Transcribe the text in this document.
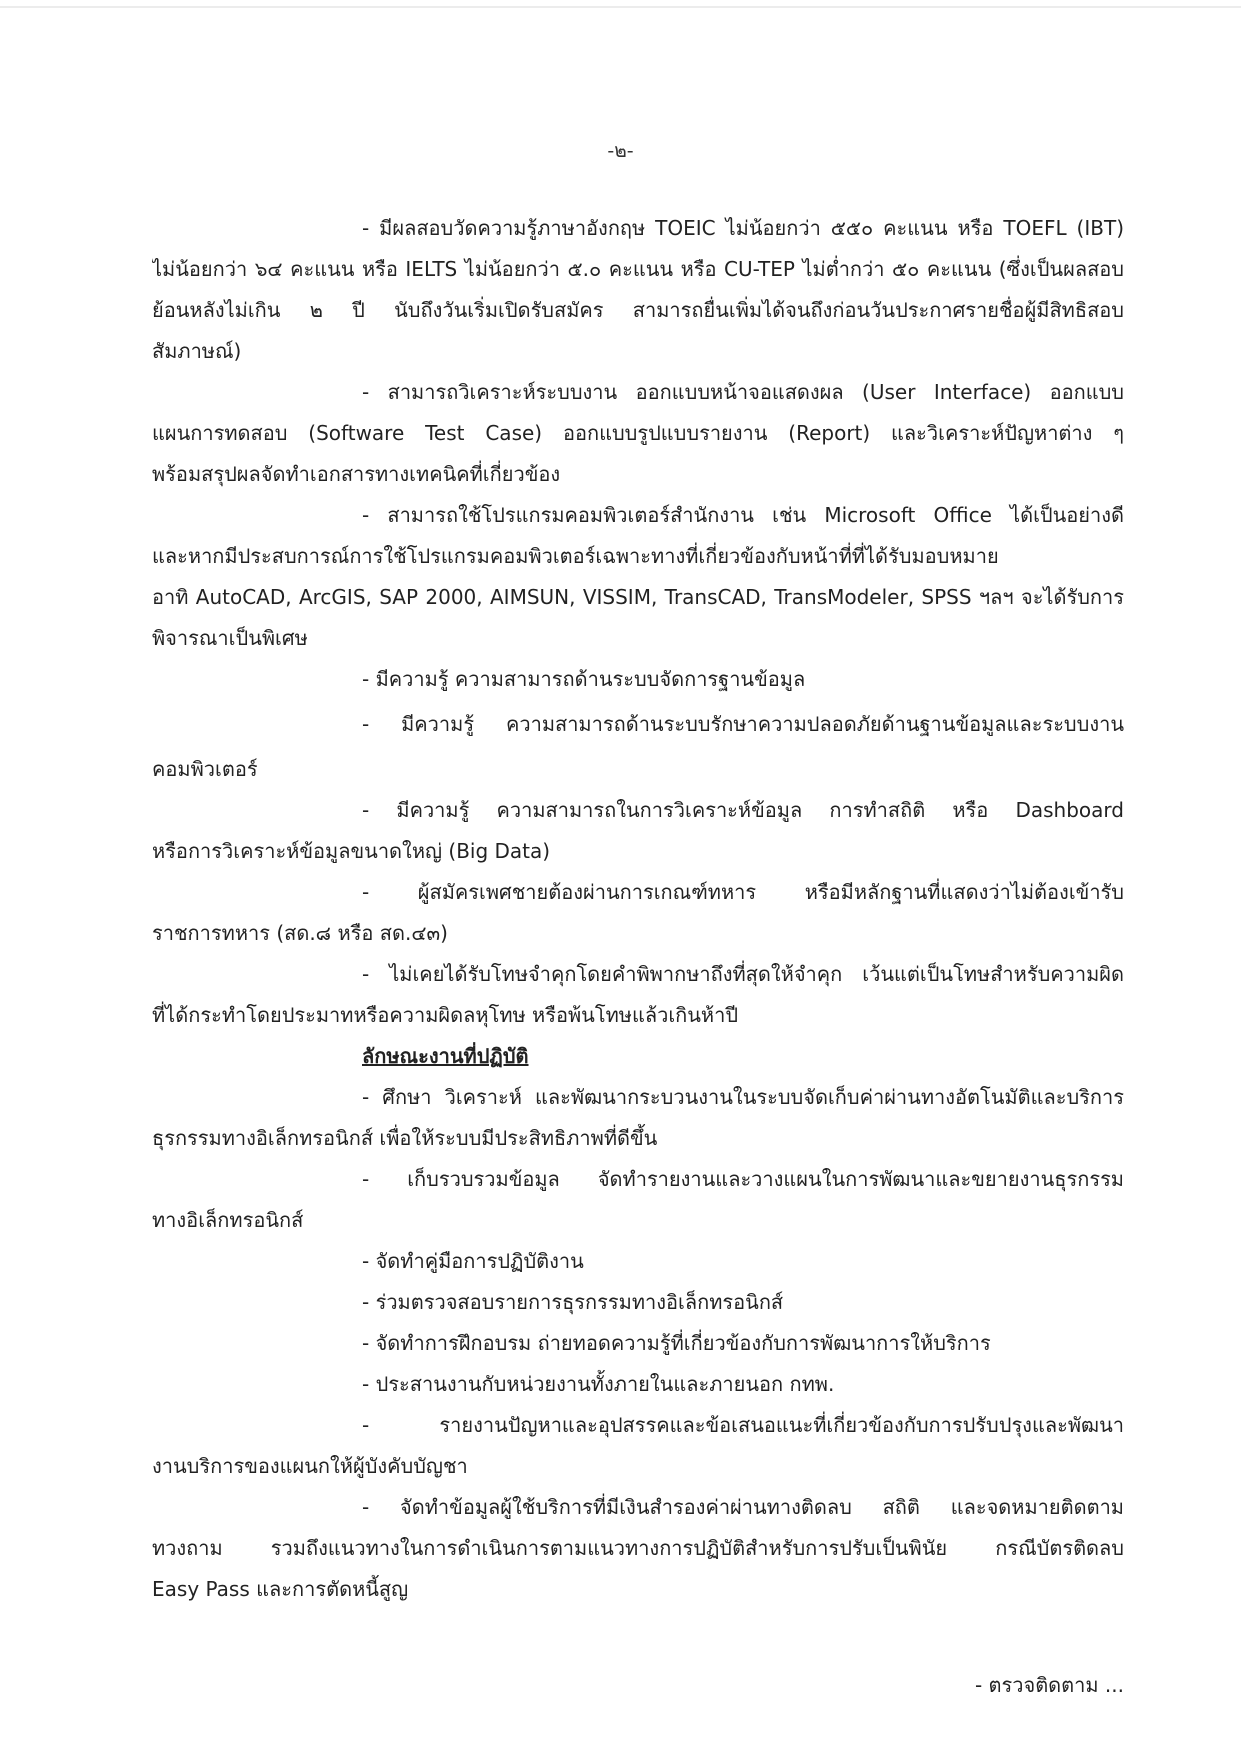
-๒-
- มีผลสอบวัดความรู้ภาษาอังกฤษ TOEIC ไม่น้อยกว่า ๕๕๐ คะแนน หรือ TOEFL (IBT)
ไม่น้อยกว่า ๖๔ คะแนน หรือ IELTS ไม่น้อยกว่า ๕.๐ คะแนน หรือ CU-TEP ไม่ต่ำกว่า ๕๐ คะแนน (ซึ่งเป็นผลสอบ
ย้อนหลังไม่เกิน ๒ ปี นับถึงวันเริ่มเปิดรับสมัคร สามารถยื่นเพิ่มได้จนถึงก่อนวันประกาศรายชื่อผู้มีสิทธิสอบ
สัมภาษณ์)
- สามารถวิเคราะห์ระบบงาน ออกแบบหน้าจอแสดงผล (User Interface) ออกแบบ
แผนการทดสอบ (Software Test Case) ออกแบบรูปแบบรายงาน (Report) และวิเคราะห์ปัญหาต่าง ๆ
พร้อมสรุปผลจัดทำเอกสารทางเทคนิคที่เกี่ยวข้อง
- สามารถใช้โปรแกรมคอมพิวเตอร์สำนักงาน เช่น Microsoft Office ได้เป็นอย่างดี
และหากมีประสบการณ์การใช้โปรแกรมคอมพิวเตอร์เฉพาะทางที่เกี่ยวข้องกับหน้าที่ที่ได้รับมอบหมาย
อาทิ AutoCAD, ArcGIS, SAP 2000, AIMSUN, VISSIM, TransCAD, TransModeler, SPSS ฯลฯ จะได้รับการ
พิจารณาเป็นพิเศษ
- มีความรู้ ความสามารถด้านระบบจัดการฐานข้อมูล
- มีความรู้ ความสามารถด้านระบบรักษาความปลอดภัยด้านฐานข้อมูลและระบบงาน
คอมพิวเตอร์
- มีความรู้ ความสามารถในการวิเคราะห์ข้อมูล การทำสถิติ หรือ Dashboard
หรือการวิเคราะห์ข้อมูลขนาดใหญ่ (Big Data)
- ผู้สมัครเพศชายต้องผ่านการเกณฑ์ทหาร หรือมีหลักฐานที่แสดงว่าไม่ต้องเข้ารับ
ราชการทหาร (สด.๘ หรือ สด.๔๓)
- ไม่เคยได้รับโทษจำคุกโดยคำพิพากษาถึงที่สุดให้จำคุก เว้นแต่เป็นโทษสำหรับความผิด
ที่ได้กระทำโดยประมาทหรือความผิดลหุโทษ หรือพ้นโทษแล้วเกินห้าปี
ลักษณะงานที่ปฏิบัติ
- ศึกษา วิเคราะห์ และพัฒนากระบวนงานในระบบจัดเก็บค่าผ่านทางอัตโนมัติและบริการ
ธุรกรรมทางอิเล็กทรอนิกส์ เพื่อให้ระบบมีประสิทธิภาพที่ดีขึ้น
- เก็บรวบรวมข้อมูล จัดทำรายงานและวางแผนในการพัฒนาและขยายงานธุรกรรม
ทางอิเล็กทรอนิกส์
- จัดทำคู่มือการปฏิบัติงาน
- ร่วมตรวจสอบรายการธุรกรรมทางอิเล็กทรอนิกส์
- จัดทำการฝึกอบรม ถ่ายทอดความรู้ที่เกี่ยวข้องกับการพัฒนาการให้บริการ
- ประสานงานกับหน่วยงานทั้งภายในและภายนอก กทพ.
- รายงานปัญหาและอุปสรรคและข้อเสนอแนะที่เกี่ยวข้องกับการปรับปรุงและพัฒนา
งานบริการของแผนกให้ผู้บังคับบัญชา
- จัดทำข้อมูลผู้ใช้บริการที่มีเงินสำรองค่าผ่านทางติดลบ สถิติ และจดหมายติดตาม
ทวงถาม รวมถึงแนวทางในการดำเนินการตามแนวทางการปฏิบัติสำหรับการปรับเป็นพินัย กรณีบัตรติดลบ
Easy Pass และการตัดหนี้สูญ
- ตรวจติดตาม ...
